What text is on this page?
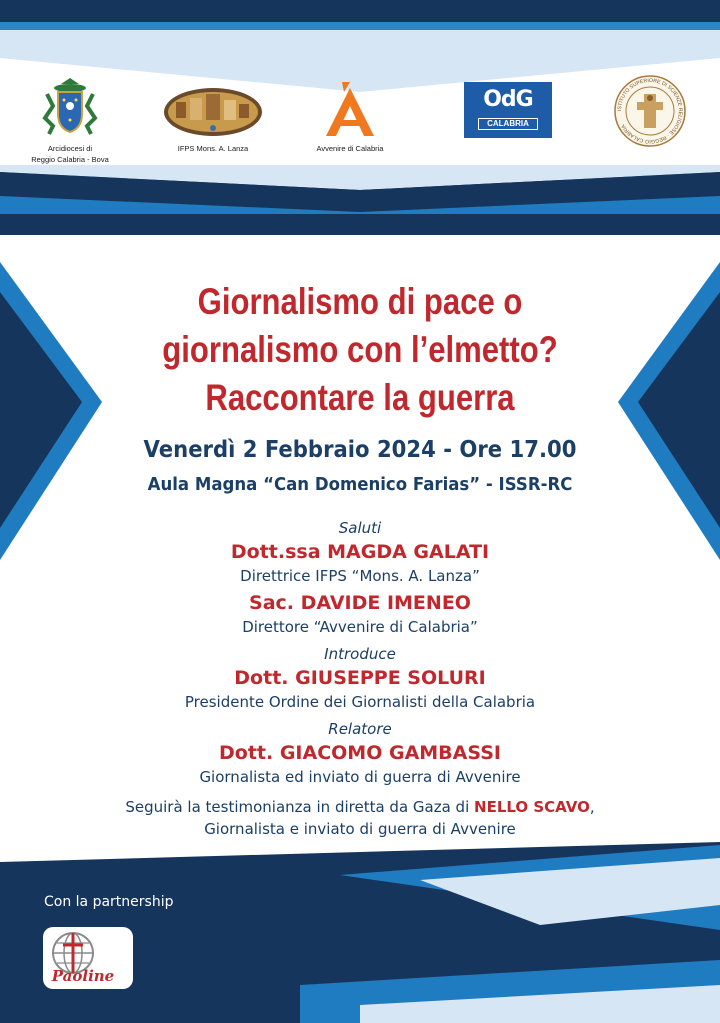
Arcidiocesi di
Reggio Calabria - Bova
IFPS Mons. A. Lanza	Avvenire di Calabria
OdG
CALABRIA
ISTITUTO SUPERIORE DI SCIENZE RELIGIOSE · REGGIO CALABRIA
Giornalismo di pace o
giornalismo con l’elmetto?
Raccontare la guerra
Venerdì 2 Febbraio 2024 - Ore 17.00
Aula Magna “Can Domenico Farias” - ISSR-RC
Saluti
Dott.ssa MAGDA GALATI
Direttrice IFPS “Mons. A. Lanza”
Sac. DAVIDE IMENEO
Direttore “Avvenire di Calabria”
Introduce
Dott. GIUSEPPE SOLURI
Presidente Ordine dei Giornalisti della Calabria
Relatore
Dott. GIACOMO GAMBASSI
Giornalista ed inviato di guerra di Avvenire
Seguirà la testimonianza in diretta da Gaza di NELLO SCAVO,
Giornalista e inviato di guerra di Avvenire
Con la partnership
Paoline
